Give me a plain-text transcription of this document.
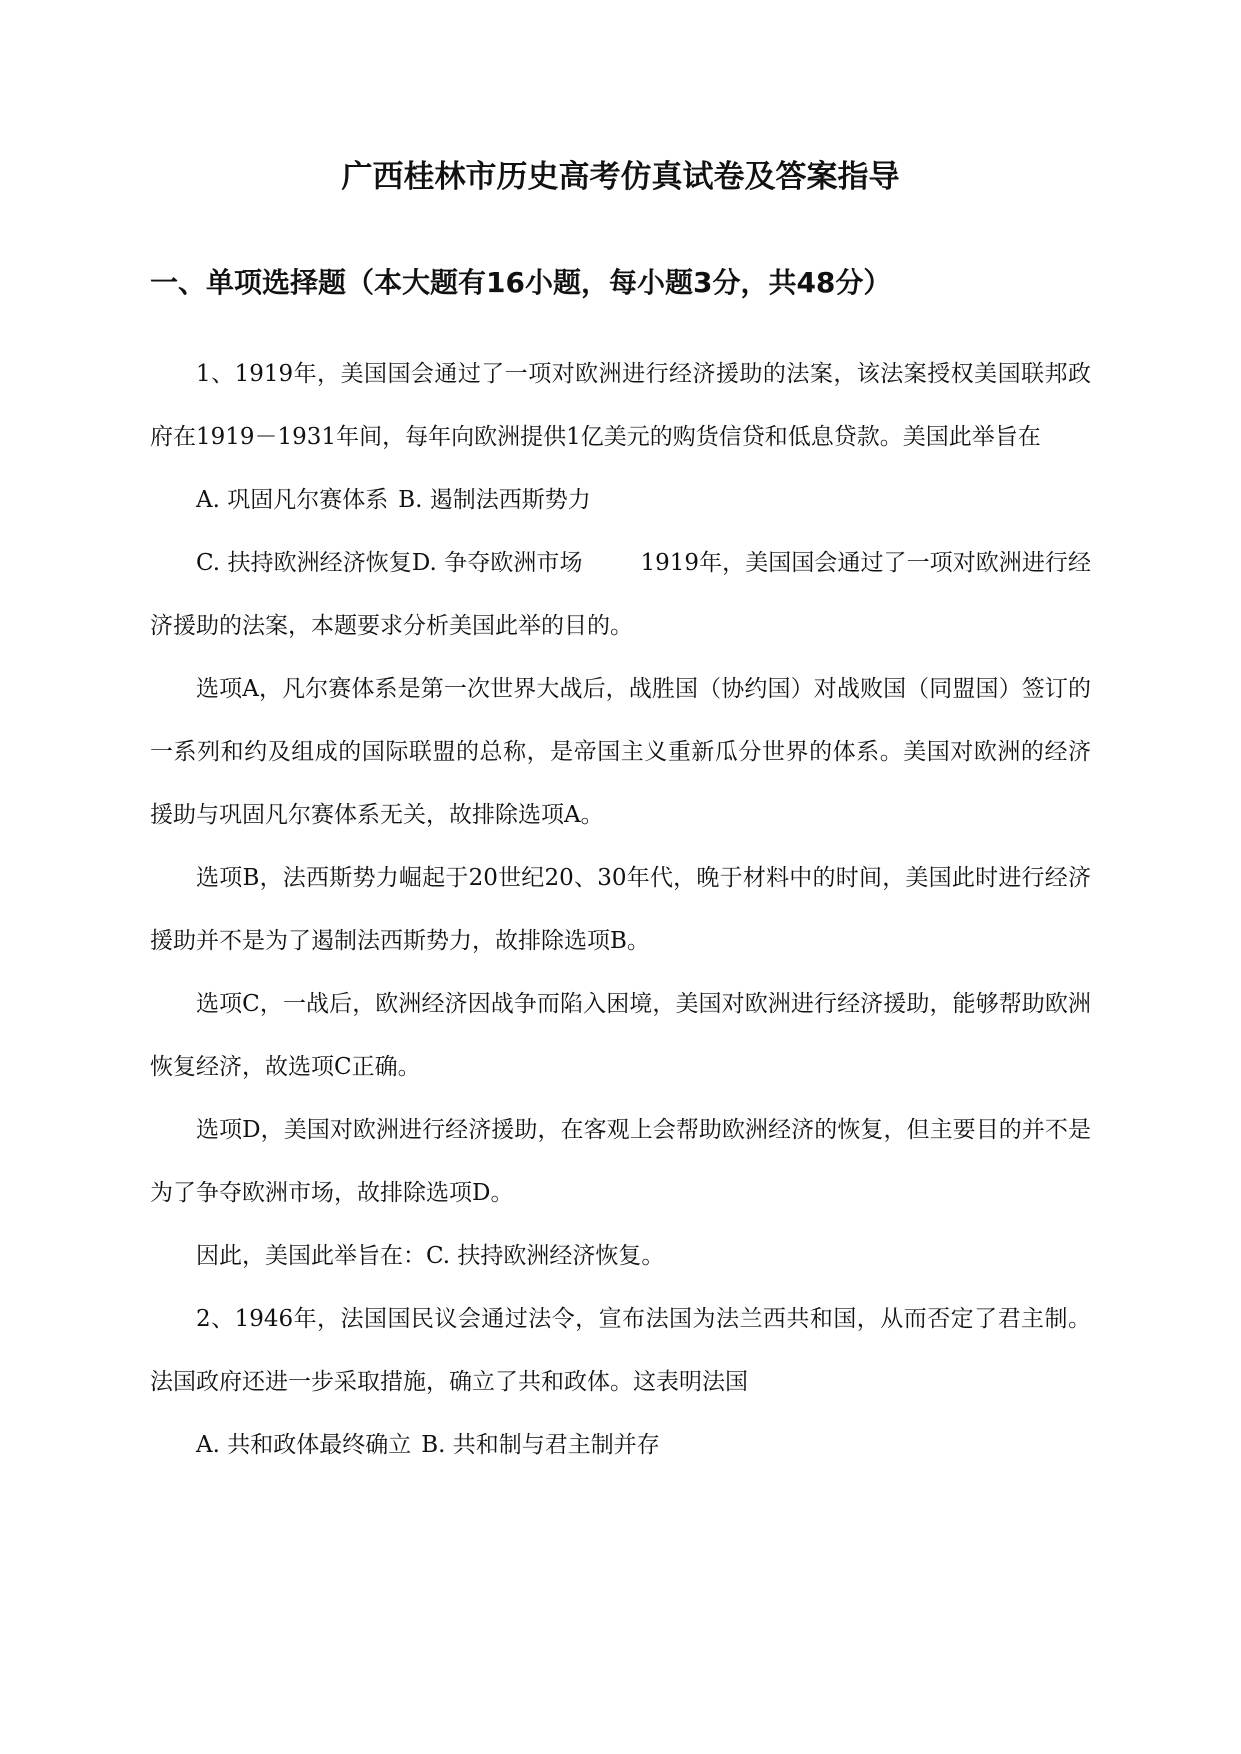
广西桂林市历史高考仿真试卷及答案指导
一、单项选择题（本大题有16小题，每小题3分，共48分）

1、1919年，美国国会通过了一项对欧洲进行经济援助的法案，该法案授权美国联邦政府在1919－1931年间，每年向欧洲提供1亿美元的购货信贷和低息贷款。美国此举旨在

A. 巩固凡尔赛体系 B. 遏制法西斯势力

C. 扶持欧洲经济恢复D. 争夺欧洲市场	1919年，美国国会通过了一项对欧洲进行经济援助的法案，本题要求分析美国此举的目的。

选项A，凡尔赛体系是第一次世界大战后，战胜国（协约国）对战败国（同盟国）签订的一系列和约及组成的国际联盟的总称，是帝国主义重新瓜分世界的体系。美国对欧洲的经济援助与巩固凡尔赛体系无关，故排除选项A。

选项B，法西斯势力崛起于20世纪20、30年代，晚于材料中的时间，美国此时进行经济援助并不是为了遏制法西斯势力，故排除选项B。

选项C，一战后，欧洲经济因战争而陷入困境，美国对欧洲进行经济援助，能够帮助欧洲恢复经济，故选项C正确。

选项D，美国对欧洲进行经济援助，在客观上会帮助欧洲经济的恢复，但主要目的并不是为了争夺欧洲市场，故排除选项D。

因此，美国此举旨在：C. 扶持欧洲经济恢复。

2、1946年，法国国民议会通过法令，宣布法国为法兰西共和国，从而否定了君主制。法国政府还进一步采取措施，确立了共和政体。这表明法国

A. 共和政体最终确立 B. 共和制与君主制并存
